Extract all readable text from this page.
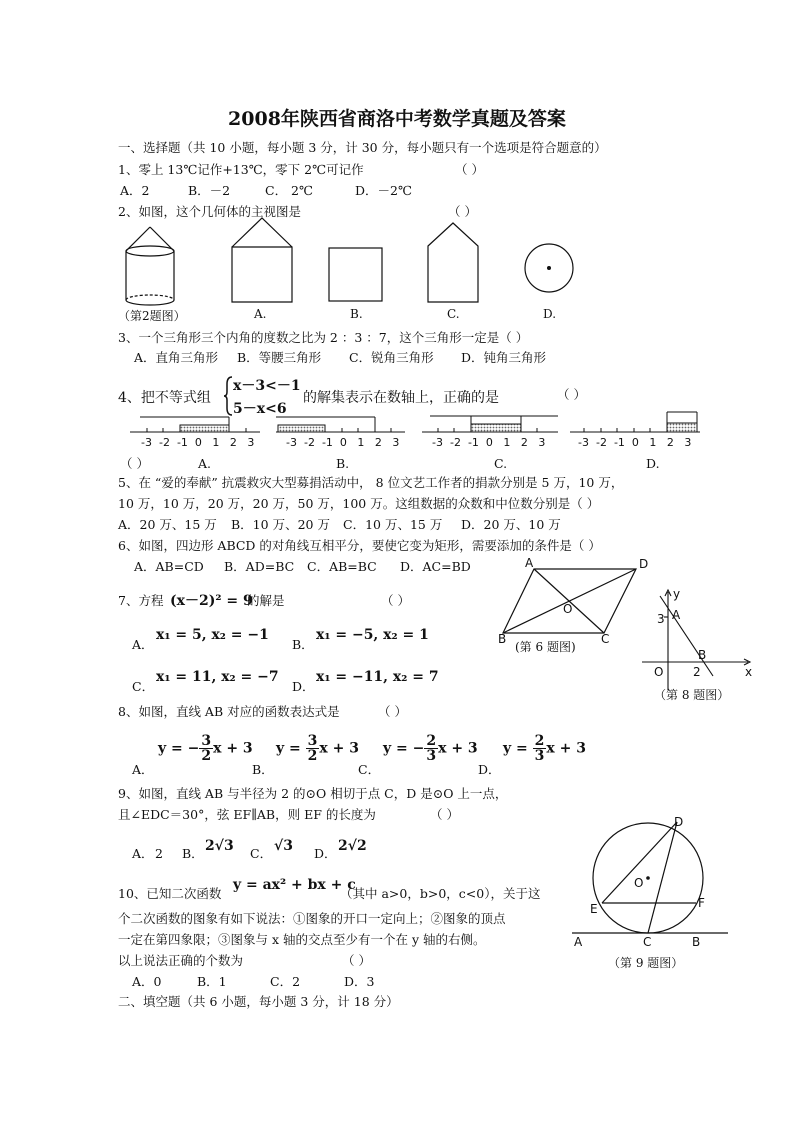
2008年陕西省商洛中考数学真题及答案
一、选择题（共 10 小题，每小题 3 分，计 30 分，每小题只有一个选项是符合题意的）
1、零上 13℃记作+13℃，零下 2℃可记作	（ ）
A．2	B．－2	C． 2℃	D．－2℃
2、如图，这个几何体的主视图是	（ ）
（第2题图）	A.	B.	C.	D.
3、一个三角形三个内角的度数之比为 2 ：3 ：7，这个三角形一定是（ ）
A．直角三角形 B．等腰三角形 C．锐角三角形 D．钝角三角形
4、把不等式组
x－3<－1
5－x<6
的解集表示在数轴上，正确的是	（ ）
-3 -2 -1 0 1 2 3	-3 -2 -1 0 1 2 3	-3 -2 -1 0 1 2 3	-3 -2 -1 0 1 2 3
（ ）	A.	B.	C.	D.
5、在 “爱的奉献” 抗震救灾大型募捐活动中， 8 位文艺工作者的捐款分别是 5 万，10 万，
10 万，10 万，20 万，20 万，50 万，100 万。这组数据的众数和中位数分别是（ ）
A．20 万、15 万 B．10 万、20 万 C．10 万、15 万 D．20 万、10 万
6、如图，四边形 ABCD 的对角线互相平分，要使它变为矩形，需要添加的条件是（ ）
A．AB=CD B．AD=BC C．AB=BC D．AC=BD	A	D
B	C
O
(第 6 题图)
7、方程 (x－2)² = 9
的解是	（ ）
A．
x₁ = 5, x₂ = −1
B．
x₁ = −5, x₂ = 1
C．
x₁ = 11, x₂ = −7
D．
x₁ = −11, x₂ = 7
y
A
3
B
O 2	x
（第 8 题图）
8、如图，直线 AB 对应的函数表达式是	（ ）
A．
y = − $\frac{3}{2}$ x + 3
B．
$y = \frac{3}{2}$ x + 3
C．
y = − $\frac{2}{3}$ x + 3
D．
$y = \frac{2}{3}$ x + 3
9、如图，直线 AB 与半径为 2 的⊙O 相切于点 C，D 是⊙O 上一点，
且∠EDC＝30°，弦 EF∥AB，则 EF 的长度为	（ ）
A． 2 B． 2√3 C． √3 D． 2√2
D
O
E	F
A	C	B
（第 9 题图）
10、已知二次函数
y = ax² + bx + c
（其中 a>0，b>0，c<0），关于这
个二次函数的图象有如下说法：①图象的开口一定向上；②图象的顶点
一定在第四象限；③图象与 x 轴的交点至少有一个在 y 轴的右侧。
以上说法正确的个数为	（ ）
A．0	B．1	C．2	D．3
二、填空题（共 6 小题，每小题 3 分，计 18 分）
